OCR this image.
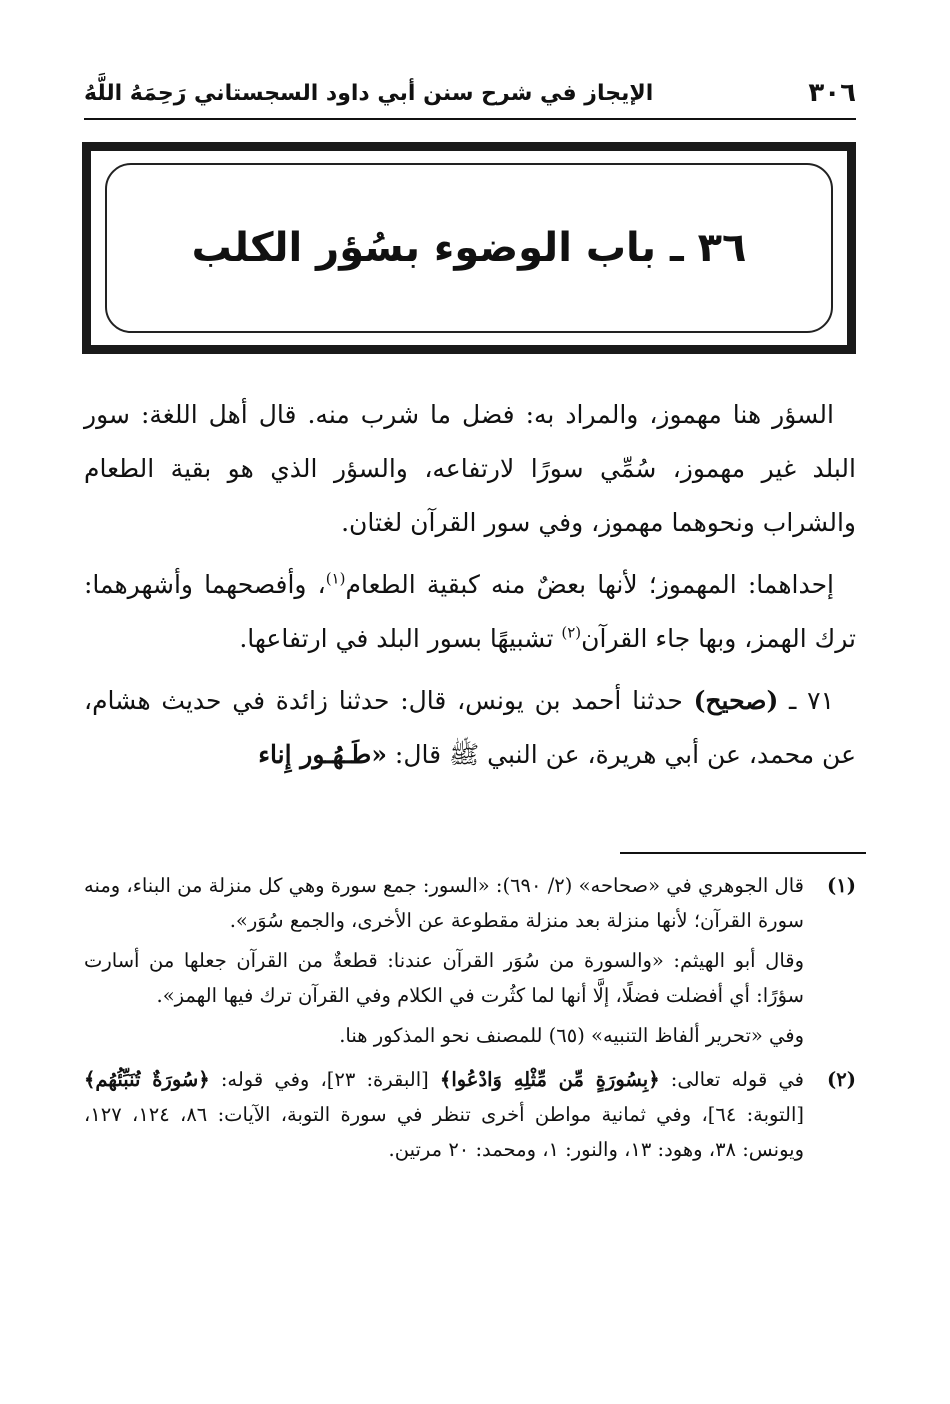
٣٠٦
الإيجاز في شرح سنن أبي داود السجستاني رَحِمَهُ اللَّهُ
٣٦ ـ باب الوضوء بسُؤر الكلب

السؤر هنا مهموز، والمراد به: فضل ما شرب منه. قال أهل اللغة: سور البلد غير مهموز، سُمِّي سورًا لارتفاعه، والسؤر الذي هو بقية الطعام والشراب ونحوهما مهموز، وفي سور القرآن لغتان.

إحداهما: المهموز؛ لأنها بعضٌ منه كبقية الطعام$^{(١)}$، وأفصحهما وأشهرهما: ترك الهمز، وبها جاء القرآن$^{(٢)}$ تشبيهًا بسور البلد في ارتفاعها.

٧١ ـ (صحيح) حدثنا أحمد بن يونس، قال: حدثنا زائدة في حديث هشام، عن محمد، عن أبي هريرة، عن النبي ﷺ قال: «طَـهُـور إِناء

(١)

قال الجوهري في «صحاحه» (٢/ ٦٩٠): «السور: جمع سورة وهي كل منزلة من البناء، ومنه سورة القرآن؛ لأنها منزلة بعد منزلة مقطوعة عن الأخرى، والجمع سُوَر».

وقال أبو الهيثم: «والسورة من سُوَر القرآن عندنا: قطعةٌ من القرآن جعلها من أسارت سؤرًا: أي أفضلت فضلًا، إلَّا أنها لما كثُرت في الكلام وفي القرآن ترك فيها الهمز».

وفي «تحرير ألفاظ التنبيه» (٦٥) للمصنف نحو المذكور هنا.

(٢)

في قوله تعالى: ﴿بِسُورَةٍ مِّن مِّثْلِهِ وَادْعُوا﴾ [البقرة: ٢٣]، وفي قوله: ﴿سُورَةٌ تُنَبِّئُهُم﴾ [التوبة: ٦٤]، وفي ثمانية مواطن أخرى تنظر في سورة التوبة، الآيات: ٨٦، ١٢٤، ١٢٧، ويونس: ٣٨، وهود: ١٣، والنور: ١، ومحمد: ٢٠ مرتين.
